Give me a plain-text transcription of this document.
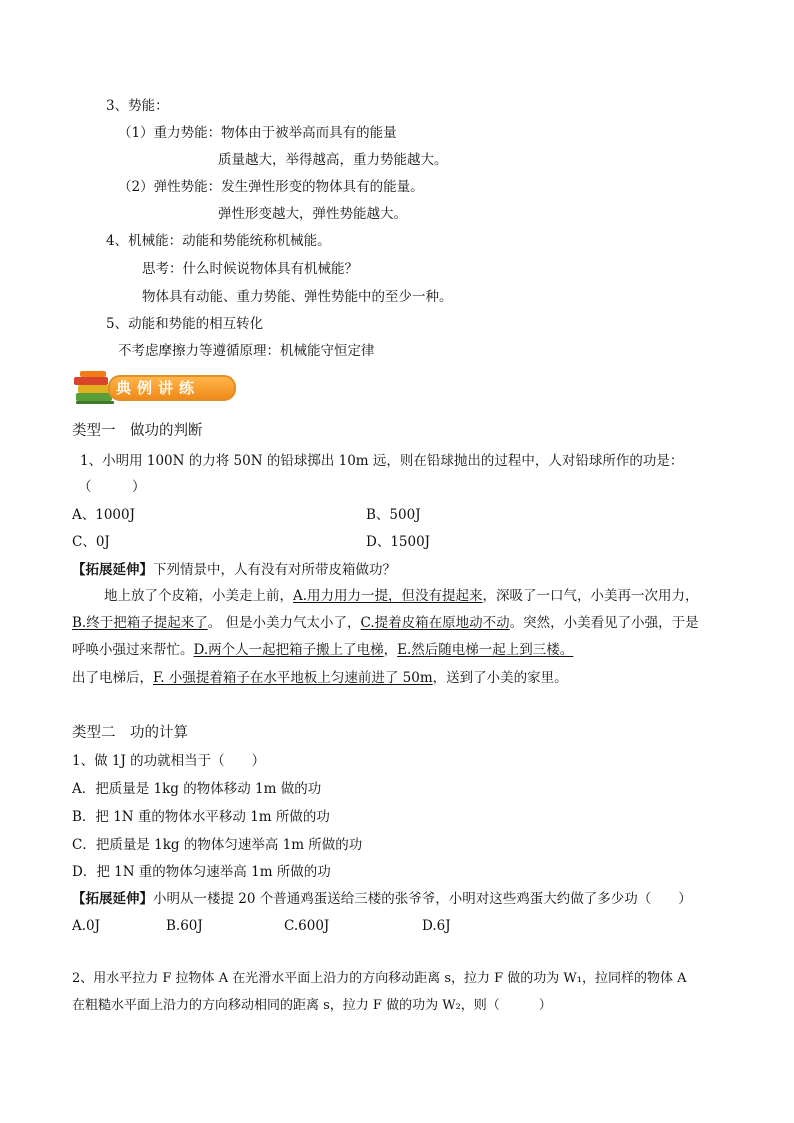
3、势能：
（1）重力势能：物体由于被举高而具有的能量
质量越大，举得越高，重力势能越大。
（2）弹性势能：发生弹性形变的物体具有的能量。
弹性形变越大，弹性势能越大。
4、机械能：动能和势能统称机械能。
思考：什么时候说物体具有机械能？
物体具有动能、重力势能、弹性势能中的至少一种。
5、动能和势能的相互转化
不考虑摩擦力等遵循原理：机械能守恒定律
典例讲练
类型一　做功的判断
1、小明用 100N 的力将 50N 的铅球掷出 10m 远，则在铅球抛出的过程中，人对铅球所作的功是：
（　　　）
A、1000J	B、500J
C、0J	D、1500J
【拓展延伸】下列情景中，人有没有对所带皮箱做功？
地上放了个皮箱，小美走上前，A.用力用力一提，但没有提起来，深吸了一口气，小美再一次用力，
B.终于把箱子提起来了。 但是小美力气太小了，C.提着皮箱在原地动不动。突然，小美看见了小强，于是
呼唤小强过来帮忙。D.两个人一起把箱子搬上了电梯，E.然后随电梯一起上到三楼。
出了电梯后，F. 小强提着箱子在水平地板上匀速前进了 50m，送到了小美的家里。
类型二　功的计算
1、做 1J 的功就相当于（　　）
A．把质量是 1kg 的物体移动 1m 做的功
B．把 1N 重的物体水平移动 1m 所做的功
C．把质量是 1kg 的物体匀速举高 1m 所做的功
D．把 1N 重的物体匀速举高 1m 所做的功
【拓展延伸】小明从一楼提 20 个普通鸡蛋送给三楼的张爷爷，小明对这些鸡蛋大约做了多少功（　　）
A.0J	B.60J	C.600J	D.6J
2、用水平拉力 F 拉物体 A 在光滑水平面上沿力的方向移动距离 s，拉力 F 做的功为 W₁，拉同样的物体 A
在粗糙水平面上沿力的方向移动相同的距离 s，拉力 F 做的功为 W₂，则（　　　）
